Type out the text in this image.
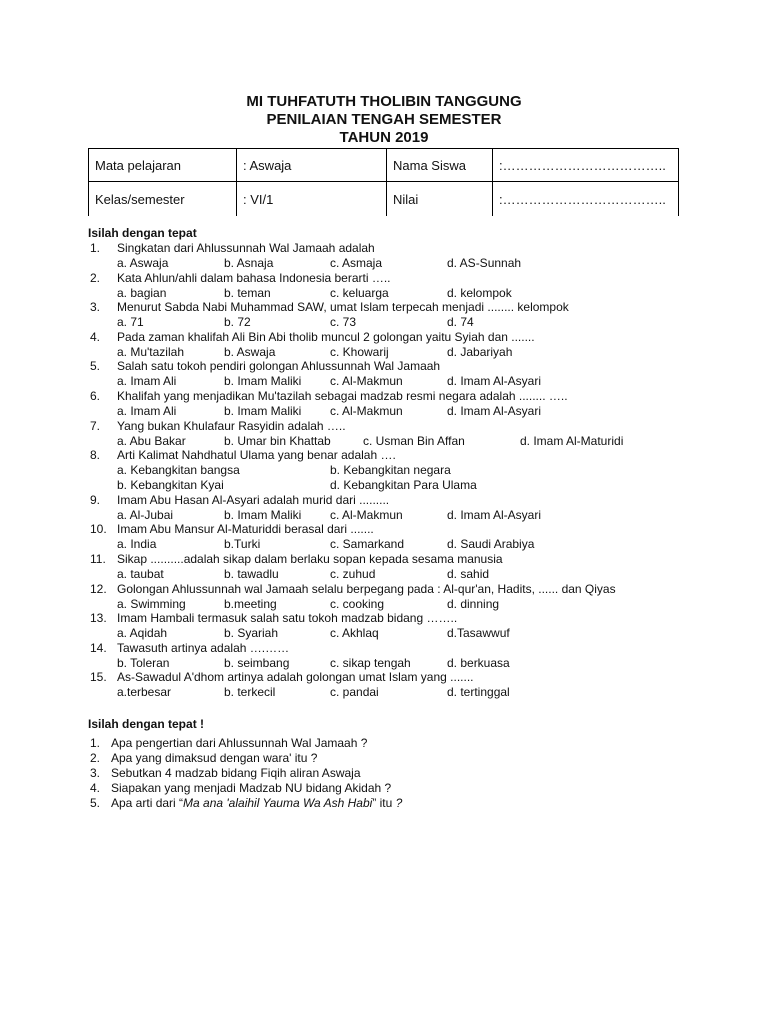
MI TUHFATUTH THOLIBIN TANGGUNG
PENILAIAN TENGAH SEMESTER
TAHUN 2019
Mata pelajaran	: Aswaja	Nama Siswa	:………………………………..
Kelas/semester	: VI/1	Nilai	:………………………………..
Isilah dengan tepat
1. Singkatan dari Ahlussunnah Wal Jamaah adalah
a. Aswaja	b. Asnaja	c. Asmaja	d. AS-Sunnah
2. Kata Ahlun/ahli dalam bahasa Indonesia berarti …..
a. bagian	b. teman	c. keluarga	d. kelompok
3. Menurut Sabda Nabi Muhammad SAW, umat Islam terpecah menjadi ........ kelompok
a. 71	b. 72	c. 73	d. 74
4. Pada zaman khalifah Ali Bin Abi tholib muncul 2 golongan yaitu Syiah dan .......
a. Mu'tazilah	b. Aswaja	c. Khowarij	d. Jabariyah
5. Salah satu tokoh pendiri golongan Ahlussunnah Wal Jamaah
a. Imam Ali	b. Imam Maliki c. Al-Makmun	d. Imam Al-Asyari
6. Khalifah yang menjadikan Mu'tazilah sebagai madzab resmi negara adalah ........ …..
a. Imam Ali	b. Imam Maliki c. Al-Makmun	d. Imam Al-Asyari
7. Yang bukan Khulafaur Rasyidin adalah …..
a. Abu Bakar	b. Umar bin Khattab	c. Usman Bin Affan	d. Imam Al-Maturidi
8. Arti Kalimat Nahdhatul Ulama yang benar adalah ….
a. Kebangkitan bangsa	b. Kebangkitan negara
b. Kebangkitan Kyai	d. Kebangkitan Para Ulama
9. Imam Abu Hasan Al-Asyari adalah murid dari .........
a. Al-Jubai	b. Imam Maliki c. Al-Makmun	d. Imam Al-Asyari
10. Imam Abu Mansur Al-Maturiddi berasal dari .......
a. India	b.Turki	c. Samarkand	d. Saudi Arabiya
11. Sikap ..........adalah sikap dalam berlaku sopan kepada sesama manusia
a. taubat	b. tawadlu	c. zuhud	d. sahid
12. Golongan Ahlussunnah wal Jamaah selalu berpegang pada : Al-qur'an, Hadits, ...... dan Qiyas
a. Swimming	b.meeting	c. cooking	d. dinning
13. Imam Hambali termasuk salah satu tokoh madzab bidang ……..
a. Aqidah	b. Syariah	c. Akhlaq	d.Tasawwuf
14. Tawasuth artinya adalah ….……
b. Toleran	b. seimbang	c. sikap tengah	d. berkuasa
15. As-Sawadul A'dhom artinya adalah golongan umat Islam yang .......
a.terbesar	b. terkecil	c. pandai	d. tertinggal
Isilah dengan tepat !
1. Apa pengertian dari Ahlussunnah Wal Jamaah ?
2. Apa yang dimaksud dengan wara' itu ?
3. Sebutkan 4 madzab bidang Fiqih aliran Aswaja
4. Siapakan yang menjadi Madzab NU bidang Akidah ?
5. Apa arti dari “Ma ana 'alaihil Yauma Wa Ash Habi” itu ?
